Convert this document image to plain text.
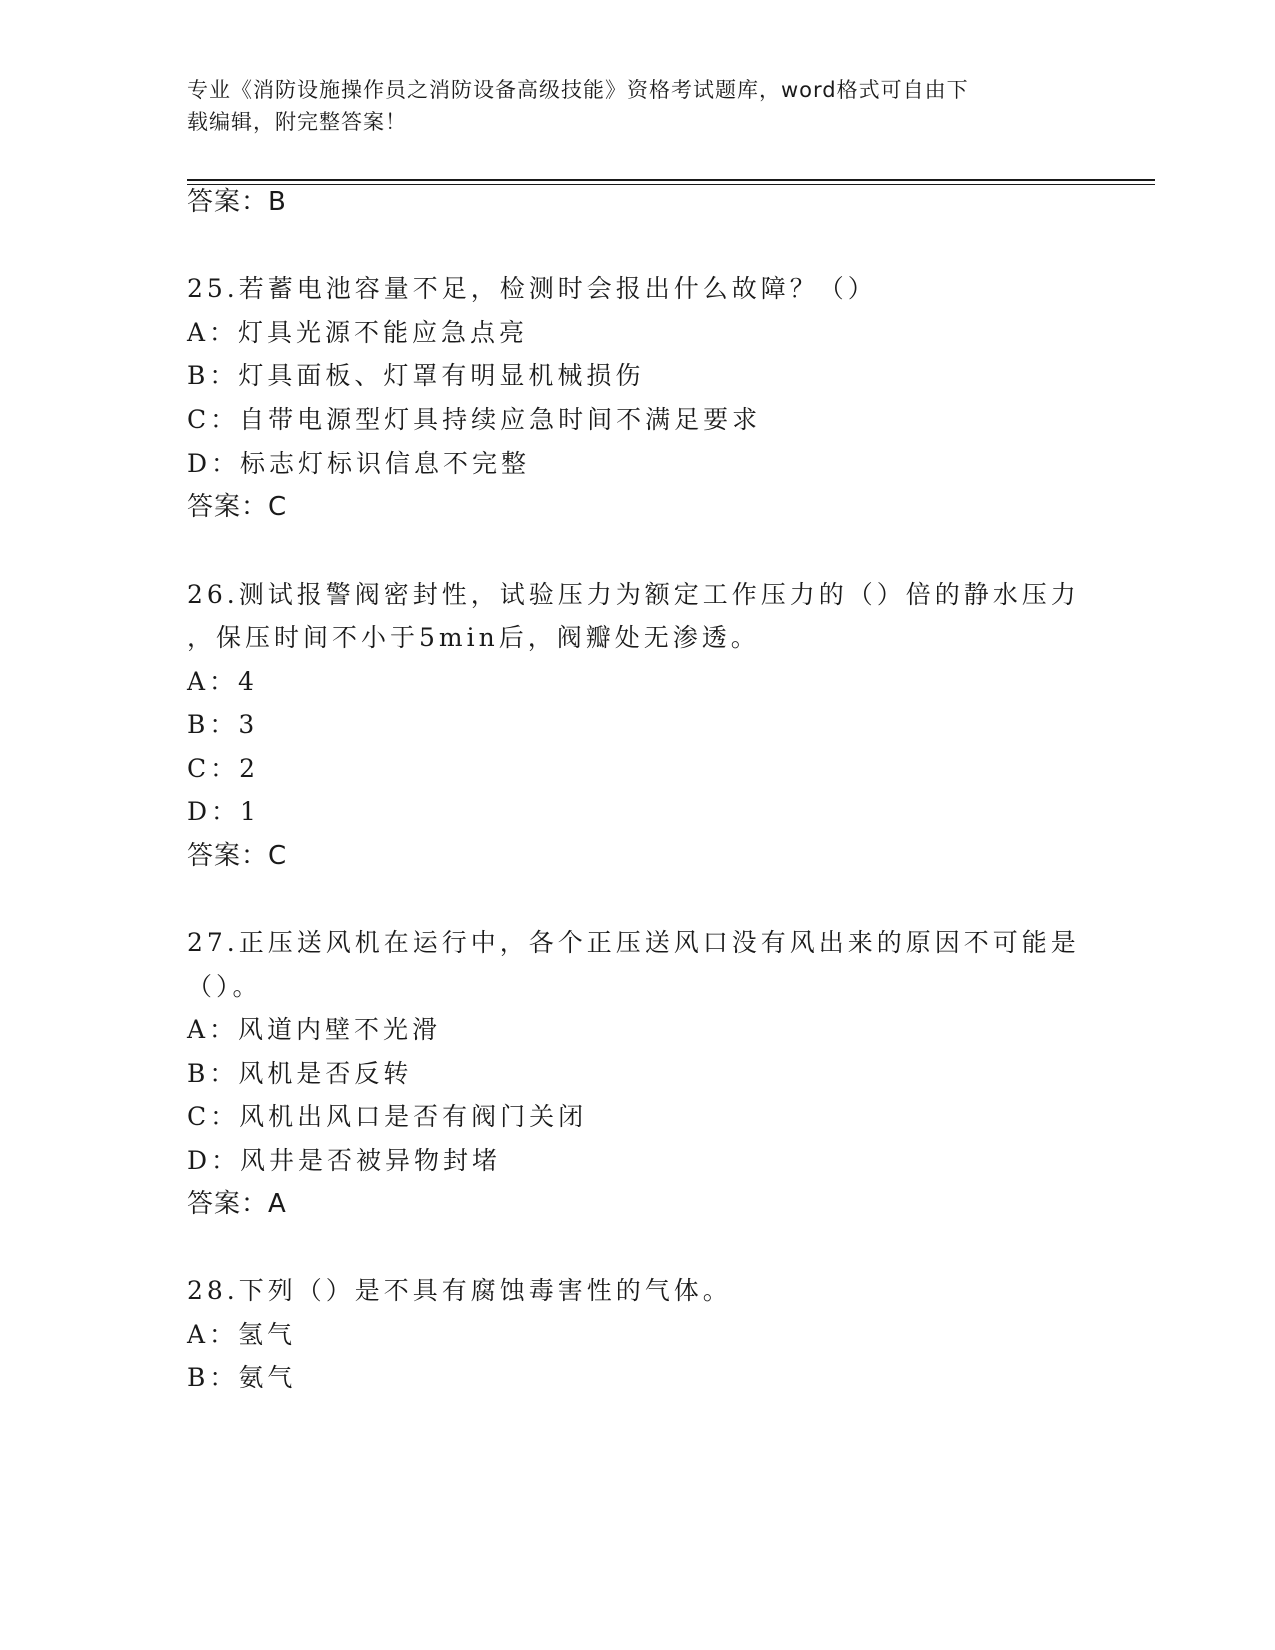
专业《消防设施操作员之消防设备高级技能》资格考试题库，word格式可自由下
载编辑，附完整答案！
答案：B
25.若蓄电池容量不足，检测时会报出什么故障？（）
A：灯具光源不能应急点亮
B：灯具面板、灯罩有明显机械损伤
C：自带电源型灯具持续应急时间不满足要求
D：标志灯标识信息不完整
答案：C
26.测试报警阀密封性，试验压力为额定工作压力的（）倍的静水压力
，保压时间不小于5min后，阀瓣处无渗透。
A：4
B：3
C：2
D：1
答案：C
27.正压送风机在运行中，各个正压送风口没有风出来的原因不可能是
（）。
A：风道内壁不光滑
B：风机是否反转
C：风机出风口是否有阀门关闭
D：风井是否被异物封堵
答案：A
28.下列（）是不具有腐蚀毒害性的气体。
A：氢气
B：氨气
